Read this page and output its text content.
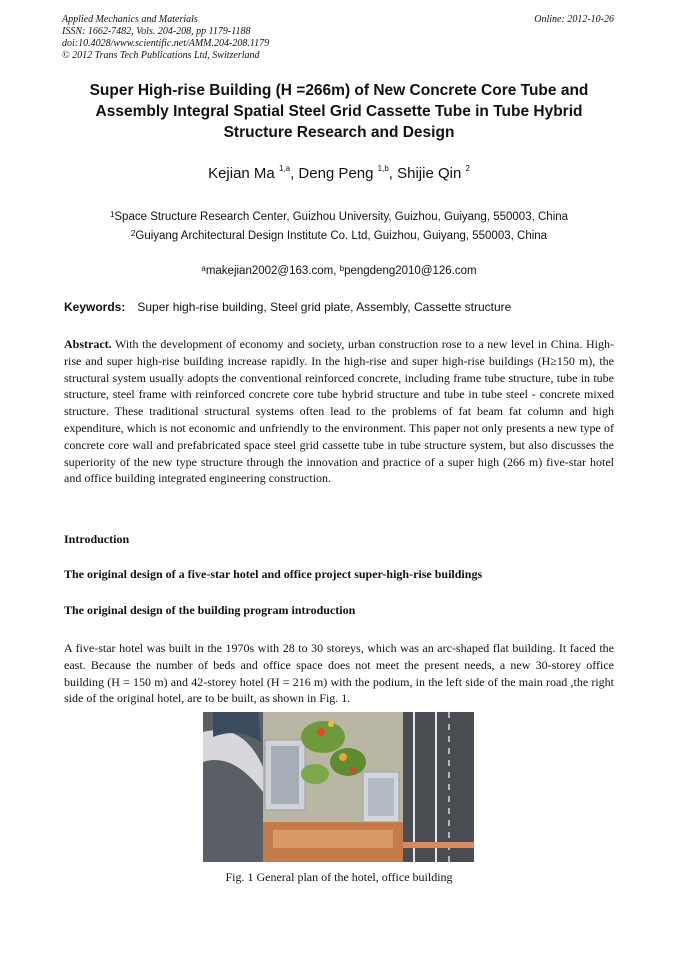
Applied Mechanics and Materials
ISSN: 1662-7482, Vols. 204-208, pp 1179-1188
doi:10.4028/www.scientific.net/AMM.204-208.1179
© 2012 Trans Tech Publications Ltd, Switzerland
Online: 2012-10-26
Super High-rise Building (H =266m) of New Concrete Core Tube and Assembly Integral Spatial Steel Grid Cassette Tube in Tube Hybrid Structure Research and Design
Kejian Ma $^{1,a}$, Deng Peng $^{1,b}$, Shijie Qin $^2$
$^1$Space Structure Research Center, Guizhou University, Guizhou, Guiyang, 550003, China
$^2$Guiyang Architectural Design Institute Co. Ltd, Guizhou, Guiyang, 550003, China
$^a$makejian2002@163.com, $^b$pengdeng2010@126.com
Keywords: Super high-rise building, Steel grid plate, Assembly, Cassette structure

Abstract. With the development of economy and society, urban construction rose to a new level in China. High-rise and super high-rise building increase rapidly. In the high-rise and super high-rise buildings (H≥150 m), the structural system usually adopts the conventional reinforced concrete, including frame tube structure, tube in tube structure, steel frame with reinforced concrete core tube hybrid structure and tube in tube steel - concrete mixed structure. These traditional structural systems often lead to the problems of fat beam fat column and high expenditure, which is not economic and unfriendly to the environment. This paper not only presents a new type of concrete core wall and prefabricated space steel grid cassette tube in tube structure system, but also discusses the superiority of the new type structure through the innovation and practice of a super high (266 m) five-star hotel and office building integrated engineering construction.

Introduction
The original design of a five-star hotel and office project super-high-rise buildings
The original design of the building program introduction

A five-star hotel was built in the 1970s with 28 to 30 storeys, which was an arc-shaped flat building. It faced the east. Because the number of beds and office space does not meet the present needs, a new 30-storey office building (H = 150 m) and 42-storey hotel (H = 216 m) with the podium, in the left side of the main road ,the right side of the original hotel, are to be built, as shown in Fig. 1.

Fig. 1 General plan of the hotel, office building
